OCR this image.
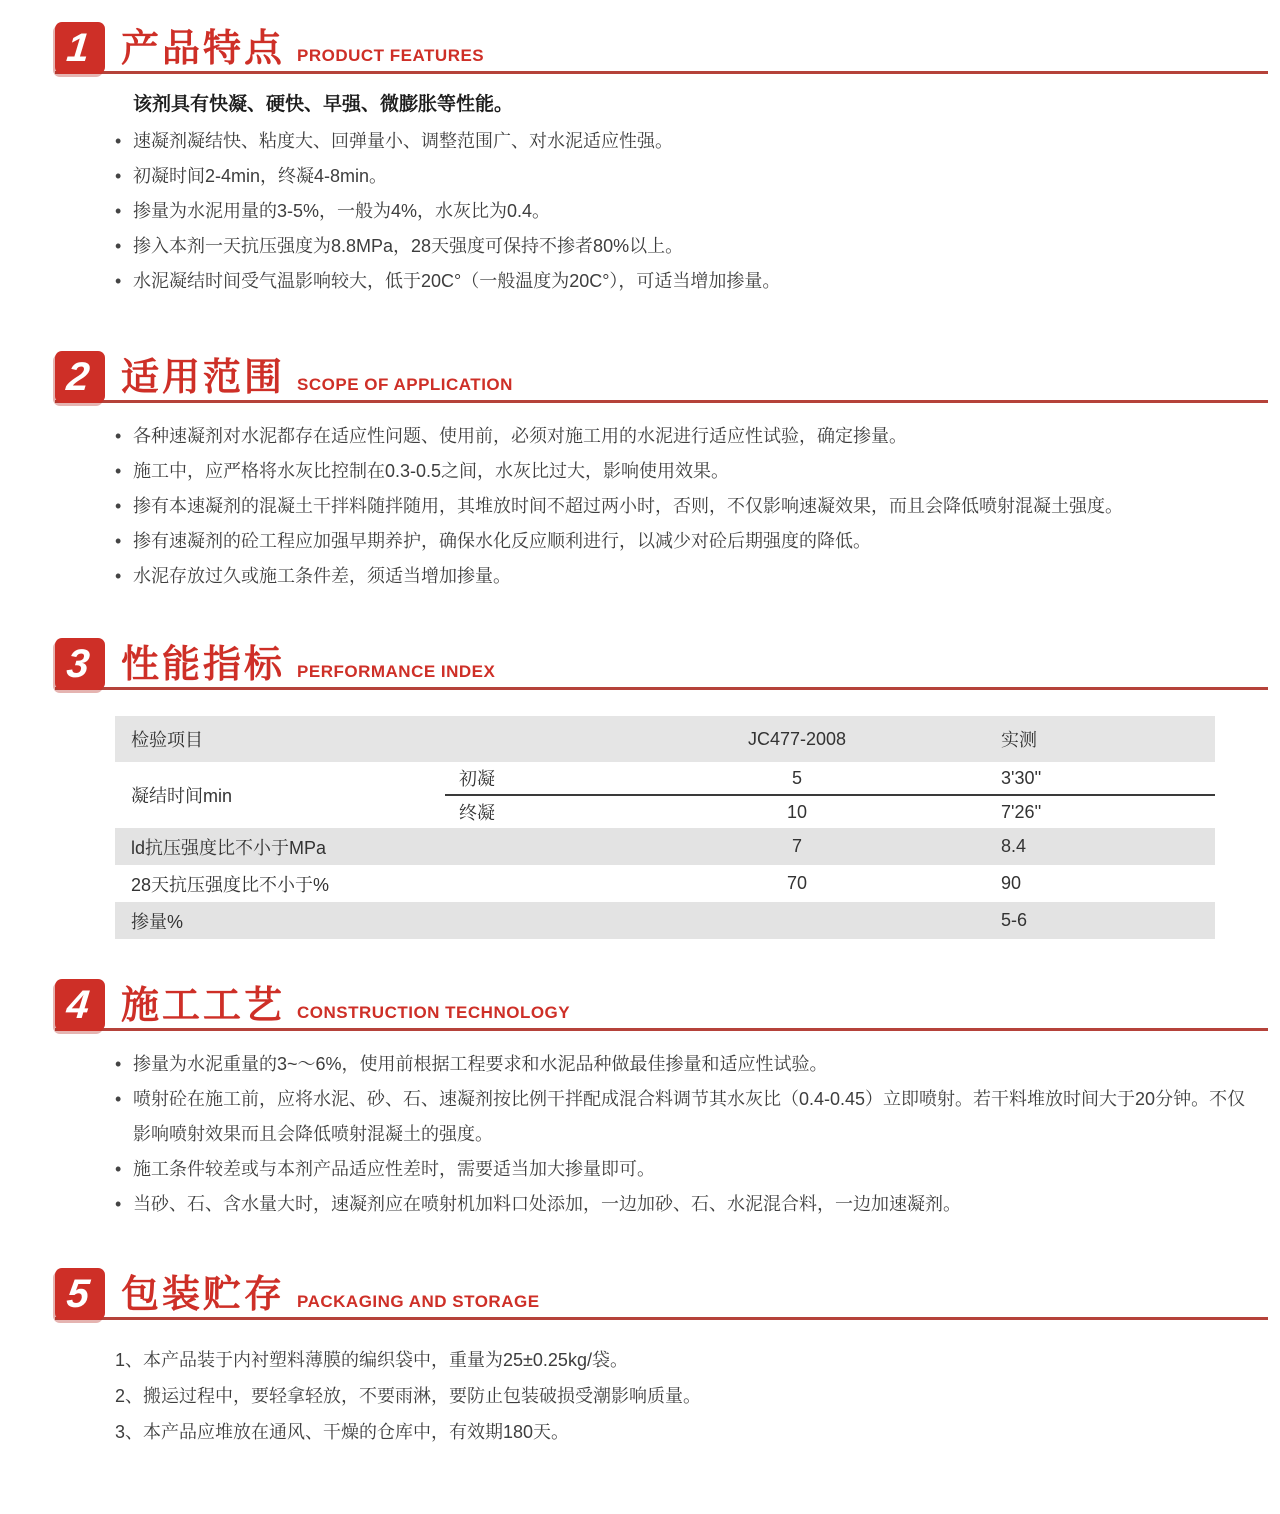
1 产品特点 PRODUCT FEATURES

该剂具有快凝、硬快、早强、微膨胀等性能。

•
速凝剂凝结快、粘度大、回弹量小、调整范围广、对水泥适应性强。
•
初凝时间2-4min，终凝4-8min。
•
掺量为水泥用量的3-5%，一般为4%，水灰比为0.4。
•
掺入本剂一天抗压强度为8.8MPa，28天强度可保持不掺者80%以上。
•
水泥凝结时间受气温影响较大，低于20C°（一般温度为20C°），可适当增加掺量。
2 适用范围 SCOPE OF APPLICATION
•
各种速凝剂对水泥都存在适应性问题、使用前，必须对施工用的水泥进行适应性试验，确定掺量。
•
施工中，应严格将水灰比控制在0.3-0.5之间，水灰比过大，影响使用效果。
•
掺有本速凝剂的混凝土干拌料随拌随用，其堆放时间不超过两小时，否则，不仅影响速凝效果，而且会降低喷射混凝土强度。
•
掺有速凝剂的砼工程应加强早期养护，确保水化反应顺利进行，以减少对砼后期强度的降低。
•
水泥存放过久或施工条件差，须适当增加掺量。
3 性能指标 PERFORMANCE INDEX
检验项目		JC477-2008	实测
凝结时间min	初凝	5	3'30''
	终凝	10	7'26''
ld抗压强度比不小于MPa		7	8.4
28天抗压强度比不小于%		70	90
掺量%			5-6
4 施工工艺 CONSTRUCTION TECHNOLOGY
•
掺量为水泥重量的3~～6%，使用前根据工程要求和水泥品种做最佳掺量和适应性试验。
•
喷射砼在施工前，应将水泥、砂、石、速凝剂按比例干拌配成混合料调节其水灰比（0.4-0.45）立即喷射。若干料堆放时间大于20分钟。不仅影响喷射效果而且会降低喷射混凝土的强度。
•
施工条件较差或与本剂产品适应性差时，需要适当加大掺量即可。
•
当砂、石、含水量大时，速凝剂应在喷射机加料口处添加，一边加砂、石、水泥混合料，一边加速凝剂。
5 包装贮存 PACKAGING AND STORAGE

1、本产品装于内衬塑料薄膜的编织袋中，重量为25±0.25kg/袋。

2、搬运过程中，要轻拿轻放，不要雨淋，要防止包装破损受潮影响质量。

3、本产品应堆放在通风、干燥的仓库中，有效期180天。
